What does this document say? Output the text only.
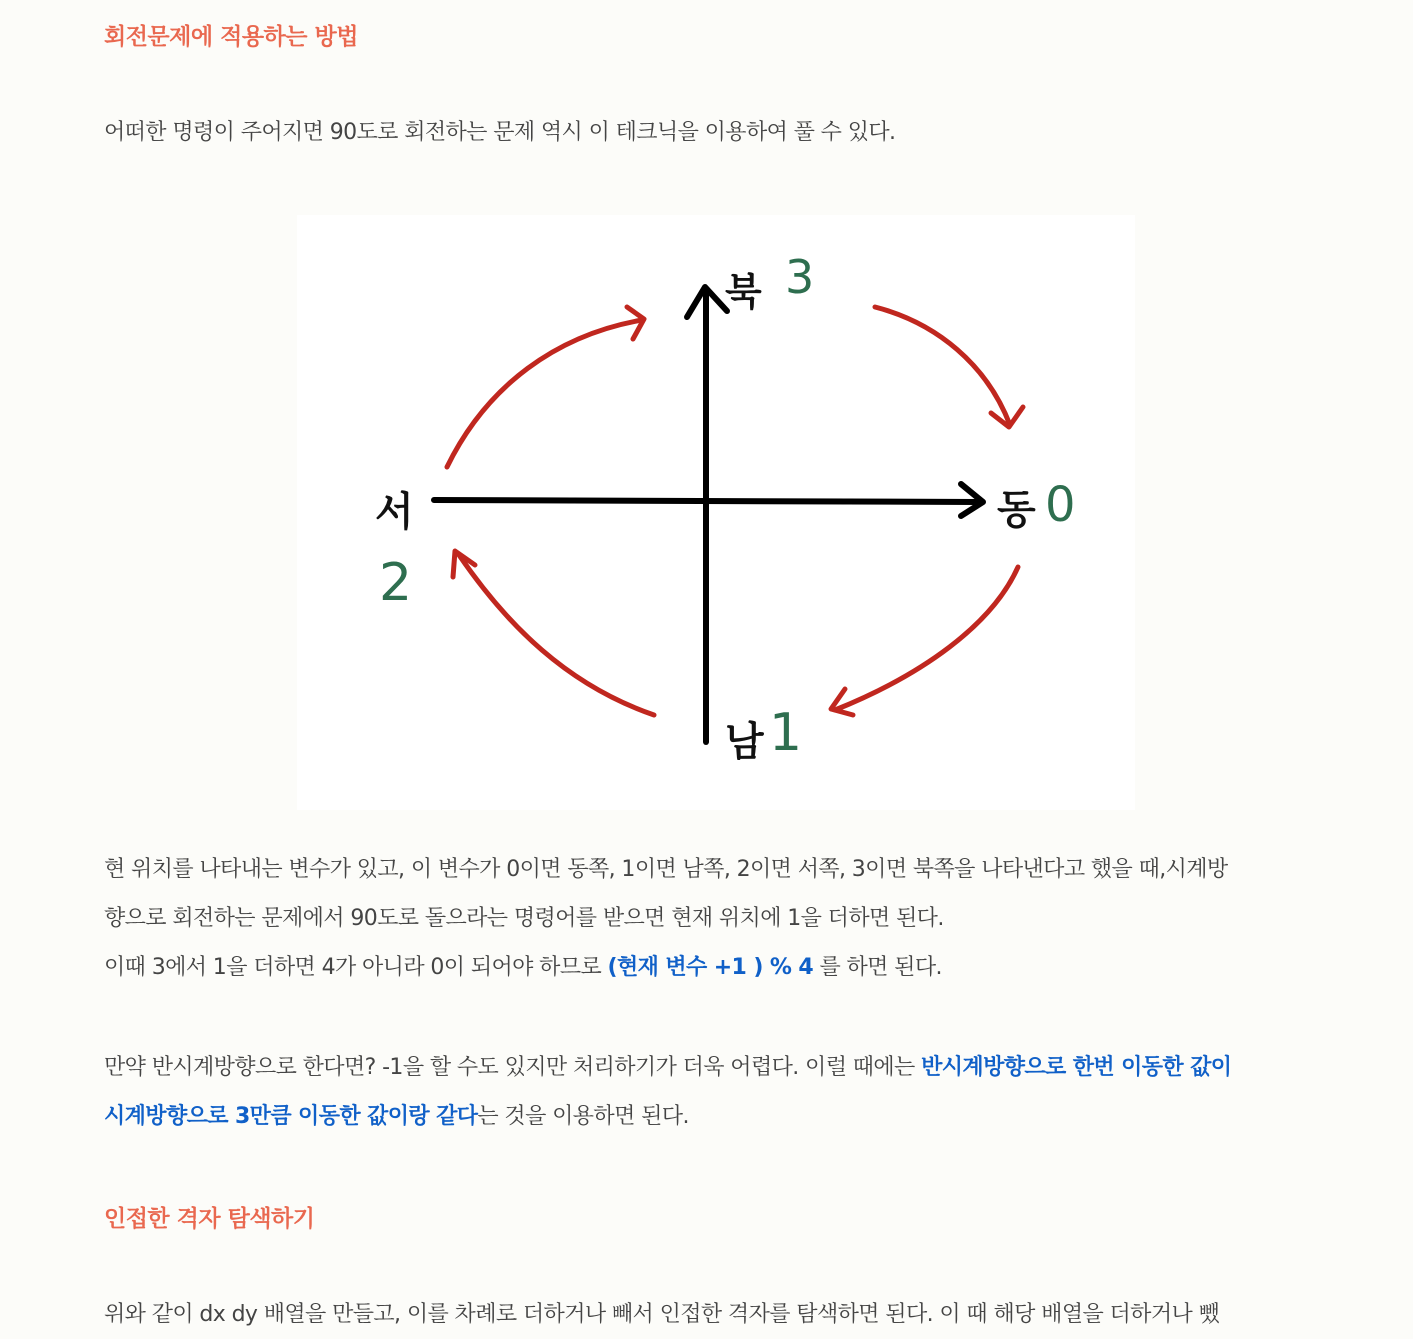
회전문제에 적용하는 방법
어떠한 명령이 주어지면 90도로 회전하는 문제 역시 이 테크닉을 이용하여 풀 수 있다.
북 3
동 0
남 1
서
2
현 위치를 나타내는 변수가 있고, 이 변수가 0이면 동쪽, 1이면 남쪽, 2이면 서쪽, 3이면 북쪽을 나타낸다고 했을 때,시계방
향으로 회전하는 문제에서 90도로 돌으라는 명령어를 받으면 현재 위치에 1을 더하면 된다.
이때 3에서 1을 더하면 4가 아니라 0이 되어야 하므로 (현재 변수 +1 ) % 4 를 하면 된다.
만약 반시계방향으로 한다면? -1을 할 수도 있지만 처리하기가 더욱 어렵다. 이럴 때에는 반시계방향으로 한번 이동한 값이
시계방향으로 3만큼 이동한 값이랑 같다는 것을 이용하면 된다.
인접한 격자 탐색하기
위와 같이 dx dy 배열을 만들고, 이를 차례로 더하거나 빼서 인접한 격자를 탐색하면 된다. 이 때 해당 배열을 더하거나 뺐
